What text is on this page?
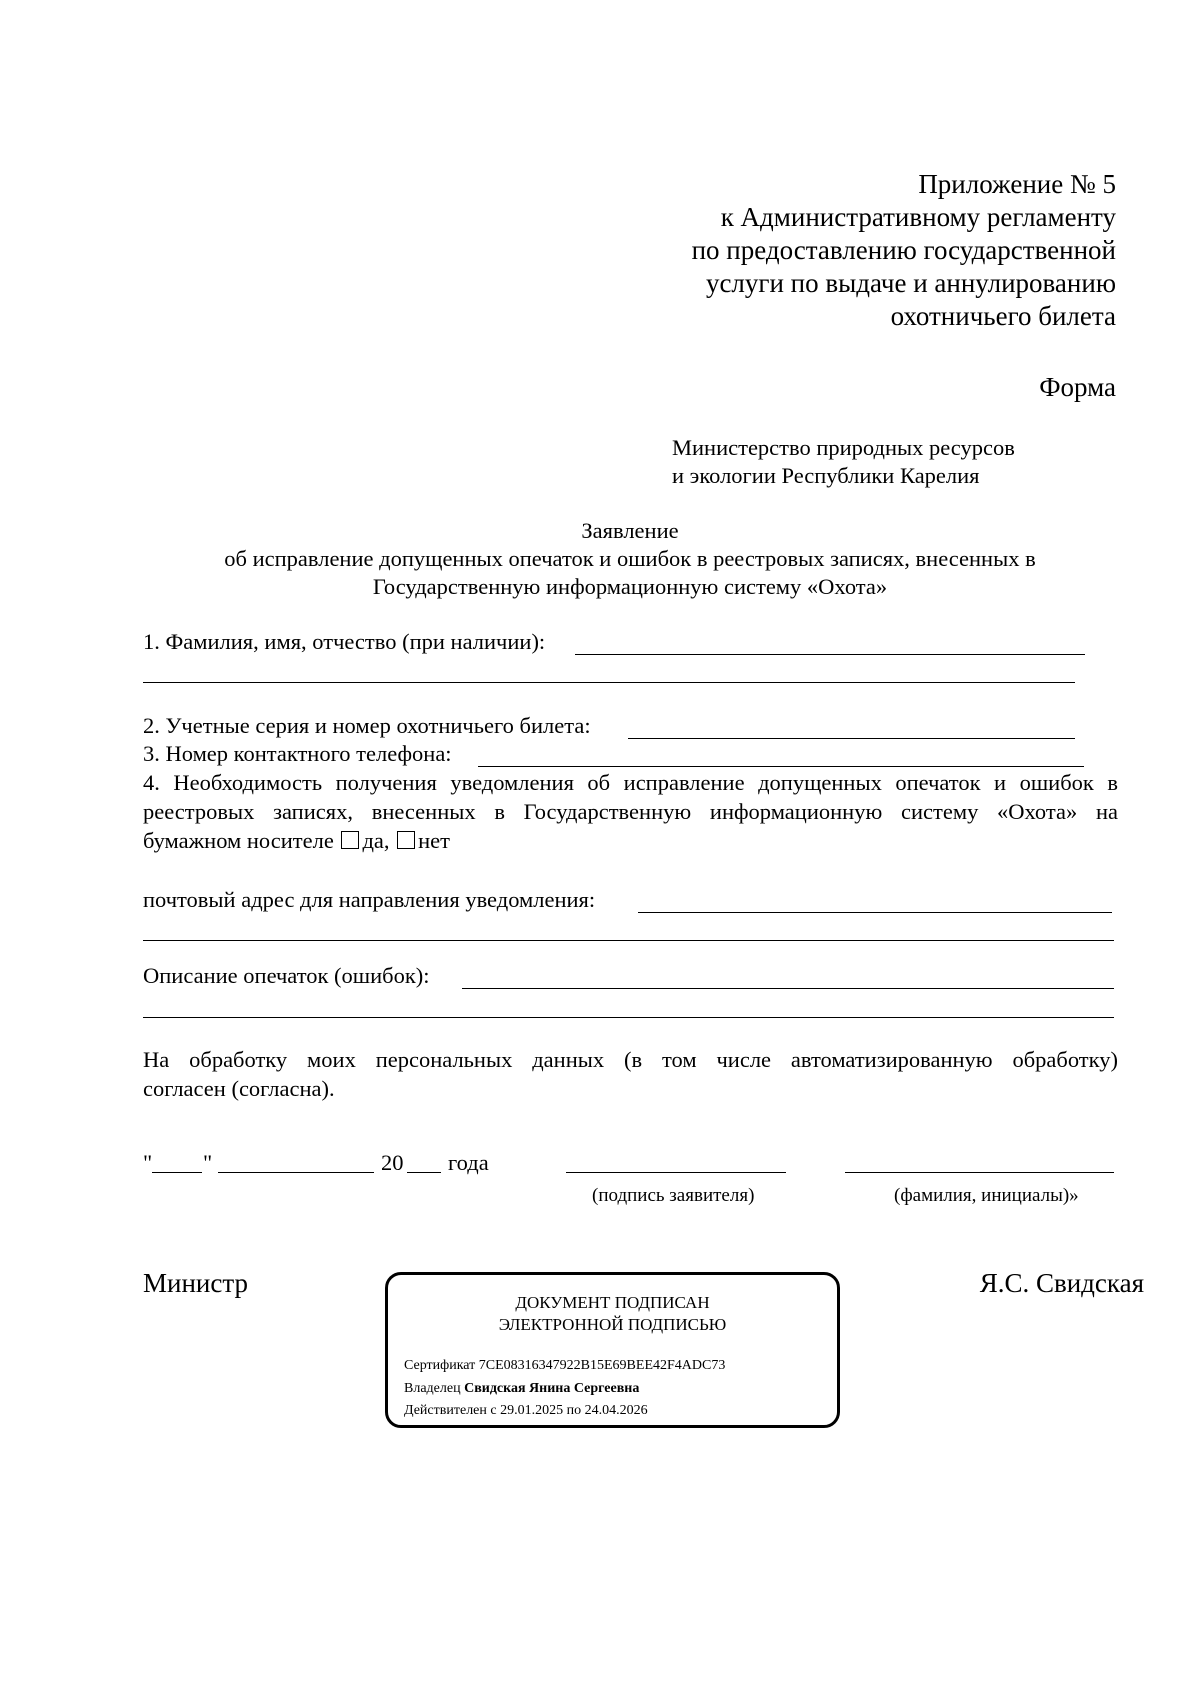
Приложение № 5
к Административному регламенту
по предоставлению государственной
услуги по выдаче и аннулированию
охотничьего билета
Форма
Министерство природных ресурсов
и экологии Республики Карелия
Заявление
об исправление допущенных опечаток и ошибок в реестровых записях, внесенных в
Государственную информационную систему «Охота»
1. Фамилия, имя, отчество (при наличии):
2. Учетные серия и номер охотничьего билета:
3. Номер контактного телефона:
4. Необходимость получения уведомления об исправление допущенных опечаток и ошибок в
реестровых записях, внесенных в Государственную информационную систему «Охота» на
бумажном носителе да, нет
почтовый адрес для направления уведомления:
Описание опечаток (ошибок):
На обработку моих персональных данных (в том числе автоматизированную обработку)
согласен (согласна).
" "	20 года
(подпись заявителя)	(фамилия, инициалы)»
Министр	Я.С. Свидская
ДОКУМЕНТ ПОДПИСАН
ЭЛЕКТРОННОЙ ПОДПИСЬЮ
Сертификат 7CE08316347922B15E69BEE42F4ADC73
Владелец Свидская Янина Сергеевна
Действителен с 29.01.2025 по 24.04.2026
